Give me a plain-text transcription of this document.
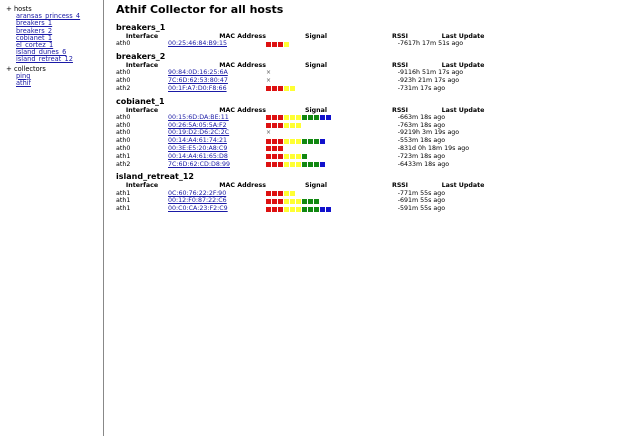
+ hosts
aransas_princess_4
breakers_1
breakers_2
cobianet_1
el_cortez_1
island_dunes_6
island_retreat_12
+ collectors
ping
athif
Athif Collector for all hosts
breakers_1
Interface	MAC Address	Signal	RSSI	Last Update
ath0	00:25:46:84:B9:15		-76	17h 17m 51s ago
breakers_2
Interface	MAC Address	Signal	RSSI	Last Update
ath0	90:84:0D:16:25:6A	×	-91	16h 51m 17s ago
ath0	7C:6D:62:53:80:47	×	-92	3h 21m 17s ago
ath2	00:1F:A7:D0:F8:66		-73	1m 17s ago
cobianet_1
Interface	MAC Address	Signal	RSSI	Last Update
ath0	00:15:6D:DA:BE:11		-66	3m 18s ago
ath0	00:26:5A:05:5A:F2		-76	3m 18s ago
ath0	00:19:D2:D6:2C:2C	×	-92	19h 3m 19s ago
ath0	00:14:A4:61:74:21		-55	3m 18s ago
ath0	00:3E:E5:20:A8:C9		-83	1d 0h 18m 19s ago
ath1	00:14:A4:61:65:D8		-72	3m 18s ago
ath2	7C:6D:62:CD:D8:99		-64	33m 18s ago
island_retreat_12
Interface	MAC Address	Signal	RSSI	Last Update
ath1	0C:60:76:22:2F:90		-77	1m 55s ago
ath1	00:12:F0:87:22:C6		-69	1m 55s ago
ath1	00:C0:CA:23:F2:C9		-59	1m 55s ago
